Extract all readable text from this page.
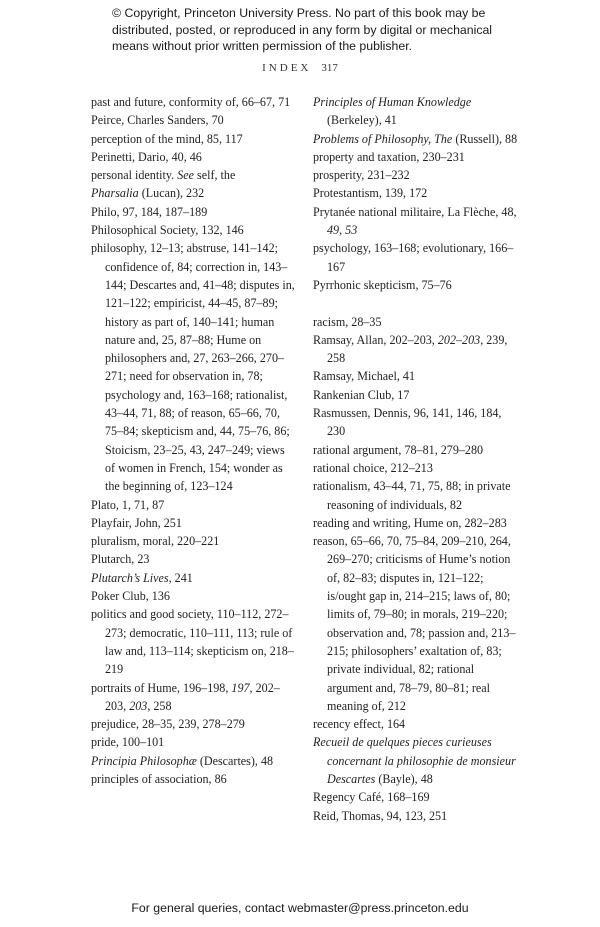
© Copyright, Princeton University Press. No part of this book may be distributed, posted, or reproduced in any form by digital or mechanical means without prior written permission of the publisher.
INDEX 317
past and future, conformity of, 66–67, 71
Peirce, Charles Sanders, 70
perception of the mind, 85, 117
Perinetti, Dario, 40, 46
personal identity. See self, the
Pharsalia (Lucan), 232
Philo, 97, 184, 187–189
Philosophical Society, 132, 146
philosophy, 12–13; abstruse, 141–142; confidence of, 84; correction in, 143–144; Descartes and, 41–48; disputes in, 121–122; empiricist, 44–45, 87–89; history as part of, 140–141; human nature and, 25, 87–88; Hume on philosophers and, 27, 263–266, 270–271; need for observation in, 78; psychology and, 163–168; rationalist, 43–44, 71, 88; of reason, 65–66, 70, 75–84; skepticism and, 44, 75–76, 86; Stoicism, 23–25, 43, 247–249; views of women in French, 154; wonder as the beginning of, 123–124
Plato, 1, 71, 87
Playfair, John, 251
pluralism, moral, 220–221
Plutarch, 23
Plutarch’s Lives, 241
Poker Club, 136
politics and good society, 110–112, 272–273; democratic, 110–111, 113; rule of law and, 113–114; skepticism on, 218–219
portraits of Hume, 196–198, 197, 202–203, 203, 258
prejudice, 28–35, 239, 278–279
pride, 100–101
Principia Philosophæ (Descartes), 48
principles of association, 86
Principles of Human Knowledge (Berkeley), 41
Problems of Philosophy, The (Russell), 88
property and taxation, 230–231
prosperity, 231–232
Protestantism, 139, 172
Prytanée national militaire, La Flèche, 48, 49, 53
psychology, 163–168; evolutionary, 166–167
Pyrrhonic skepticism, 75–76
racism, 28–35
Ramsay, Allan, 202–203, 202–203, 239, 258
Ramsay, Michael, 41
Rankenian Club, 17
Rasmussen, Dennis, 96, 141, 146, 184, 230
rational argument, 78–81, 279–280
rational choice, 212–213
rationalism, 43–44, 71, 75, 88; in private reasoning of individuals, 82
reading and writing, Hume on, 282–283
reason, 65–66, 70, 75–84, 209–210, 264, 269–270; criticisms of Hume’s notion of, 82–83; disputes in, 121–122; is/ought gap in, 214–215; laws of, 80; limits of, 79–80; in morals, 219–220; observation and, 78; passion and, 213–215; philosophers’ exaltation of, 83; private individual, 82; rational argument and, 78–79, 80–81; real meaning of, 212
recency effect, 164
Recueil de quelques pieces curieuses concernant la philosophie de monsieur Descartes (Bayle), 48
Regency Café, 168–169
Reid, Thomas, 94, 123, 251
For general queries, contact webmaster@press.princeton.edu
